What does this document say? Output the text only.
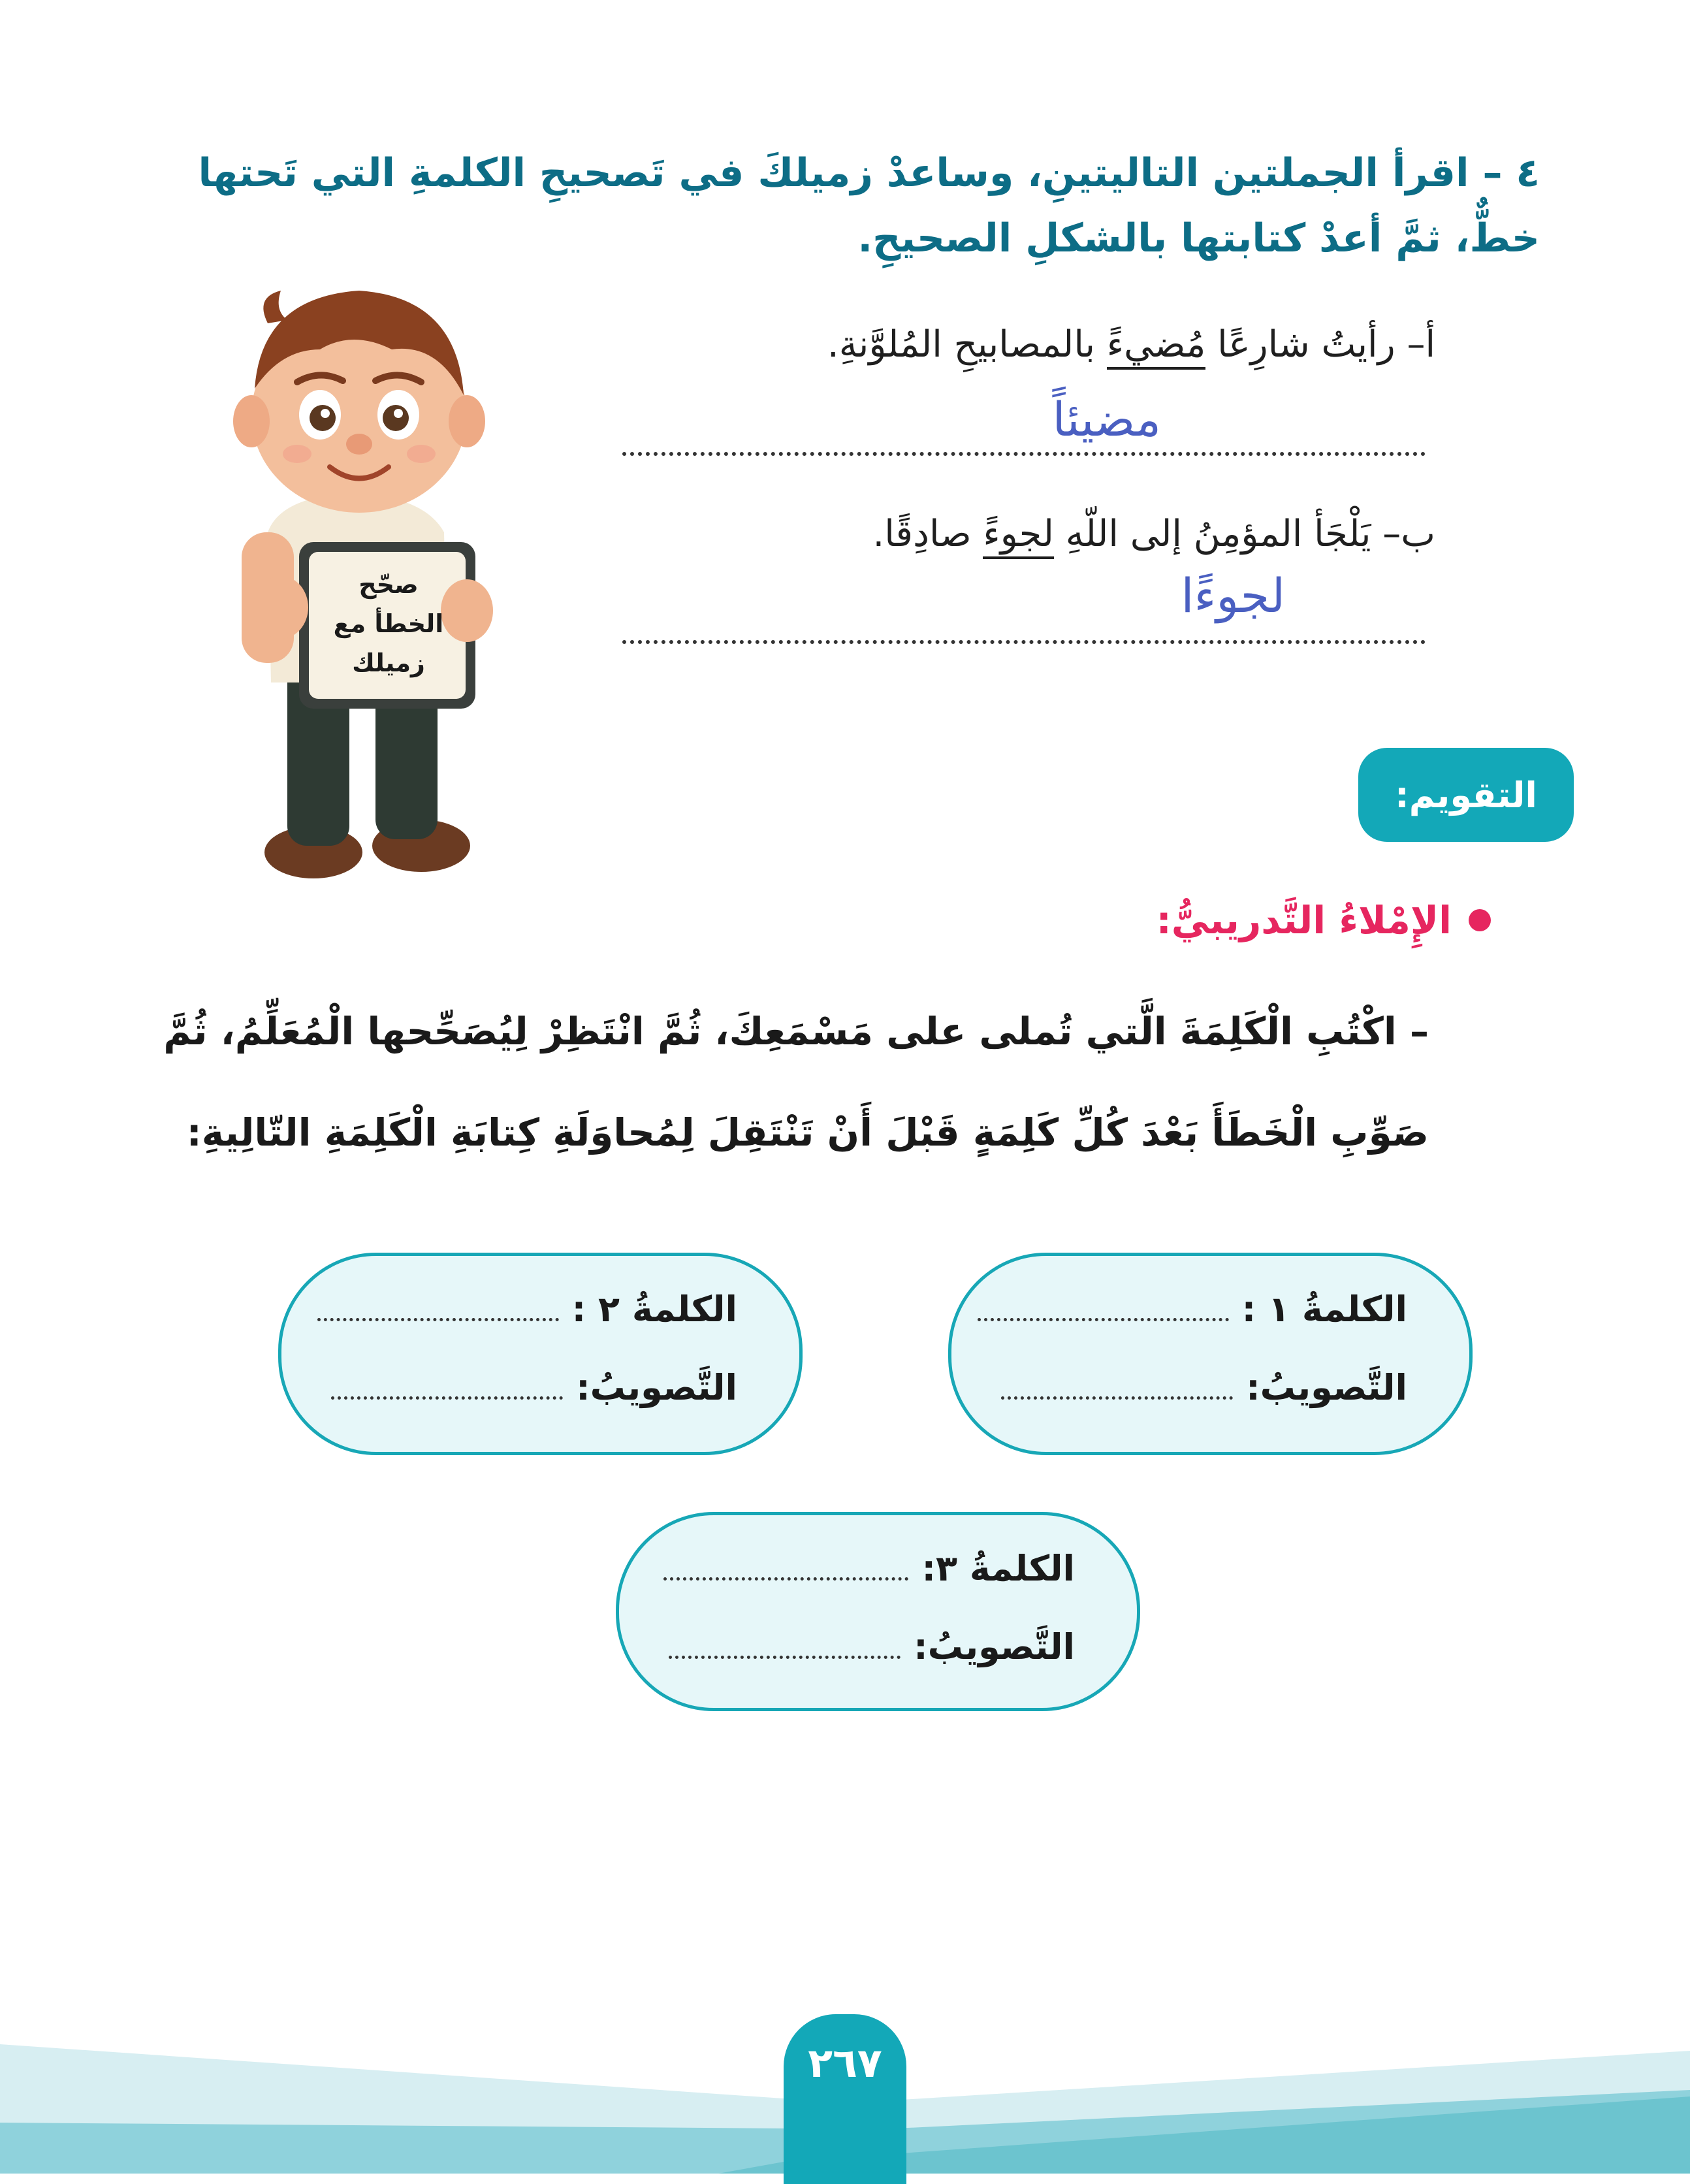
٤ – اقرأ الجملتين التاليتينِ، وساعدْ زميلكَ في تَصحيحِ الكلمةِ التي تَحتها خطٌّ، ثمَّ أعدْ كتابتها بالشكلِ الصحيحِ.
أ– رأيتُ شارِعًا مُضيءً بالمصابيحِ المُلوَّنةِ.
مضيئاً
ب– يَلْجَأ المؤمِنُ إلى اللّهِ لجوءً صادِقًا.
لجوءًا
صحّح الخطأ مع زميلك
التقويم:
الإِمْلاءُ التَّدريبيُّ:
– اكْتُبِ الْكَلِمَةَ الَّتي تُملى على مَسْمَعِكَ، ثُمَّ انْتَظِرْ لِيُصَحِّحها الْمُعَلِّمُ، ثُمَّ
صَوِّبِ الْخَطَأَ بَعْدَ كُلِّ كَلِمَةٍ قَبْلَ أَنْ تَنْتَقِلَ لِمُحاوَلَةِ كِتابَةِ الْكَلِمَةِ التّالِيةِ:
الكلمةُ ١ :
التَّصويبُ:
الكلمةُ ٢ :
التَّصويبُ:
الكلمةُ ٣:
التَّصويبُ:
٢٦٧
